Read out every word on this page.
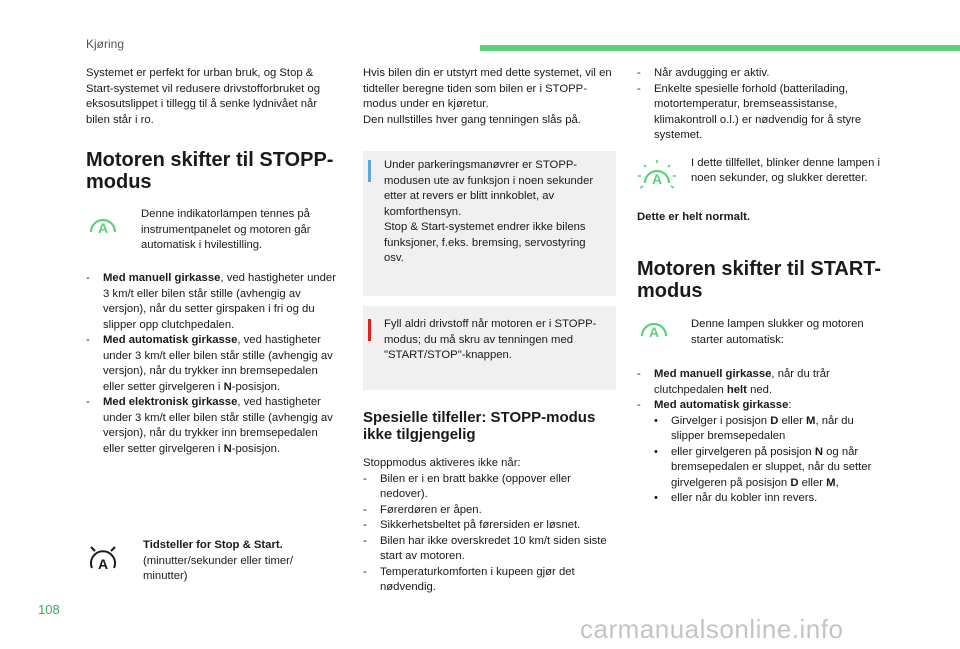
Kjøring
108
carmanualsonline.info

Systemet er perfekt for urban bruk, og Stop & Start-systemet vil redusere drivstofforbruket og eksosutslippet i tillegg til å senke lydnivået når bilen står i ro.

Motoren skifter til STOPP-modus
A

Denne indikatorlampen tennes på instrumentpanelet og motoren går automatisk i hvilestilling.

- Med manuell girkasse, ved hastigheter under 3 km/t eller bilen står stille (avhengig av versjon), når du setter girspaken i fri og du slipper opp clutchpedalen.
- Med automatisk girkasse, ved hastigheter under 3 km/t eller bilen står stille (avhengig av versjon), når du trykker inn bremsepedalen eller setter girvelgeren i N-posisjon.
- Med elektronisk girkasse, ved hastigheter under 3 km/t eller bilen står stille (avhengig av versjon), når du trykker inn bremsepedalen eller setter girvelgeren i N-posisjon.
A

Tidsteller for Stop & Start.

(minutter/sekunder eller timer/ minutter)

Hvis bilen din er utstyrt med dette systemet, vil en tidteller beregne tiden som bilen er i STOPP-modus under en kjøretur.

Den nullstilles hver gang tenningen slås på.

Under parkeringsmanøvrer er STOPP-modusen ute av funksjon i noen sekunder etter at revers er blitt innkoblet, av komforthensyn.

Stop & Start-systemet endrer ikke bilens funksjoner, f.eks. bremsing, servostyring osv.

Fyll aldri drivstoff når motoren er i STOPP-modus; du må skru av tenningen med "START/STOP"-knappen.

Spesielle tilfeller: STOPP-modus ikke tilgjengelig

Stoppmodus aktiveres ikke når:

- Bilen er i en bratt bakke (oppover eller nedover).
- Førerdøren er åpen.
- Sikkerhetsbeltet på førersiden er løsnet.
- Bilen har ikke overskredet 10 km/t siden siste start av motoren.
- Temperaturkomforten i kupeen gjør det nødvendig.
- Når avdugging er aktiv.
- Enkelte spesielle forhold (batterilading, motortemperatur, bremseassistanse, klimakontroll o.l.) er nødvendig for å styre systemet.
A

I dette tillfellet, blinker denne lampen i noen sekunder, og slukker deretter.

Dette er helt normalt.

Motoren skifter til START-modus
A	Denne lampen slukker og motoren starter automatisk:

- Med manuell girkasse, når du trår clutchpedalen helt ned.
- Med automatisk girkasse:
• Girvelger i posisjon D eller M, når du slipper bremsepedalen
• eller girvelgeren på posisjon N og når bremsepedalen er sluppet, når du setter girvelgeren på posisjon D eller M,
• eller når du kobler inn revers.
